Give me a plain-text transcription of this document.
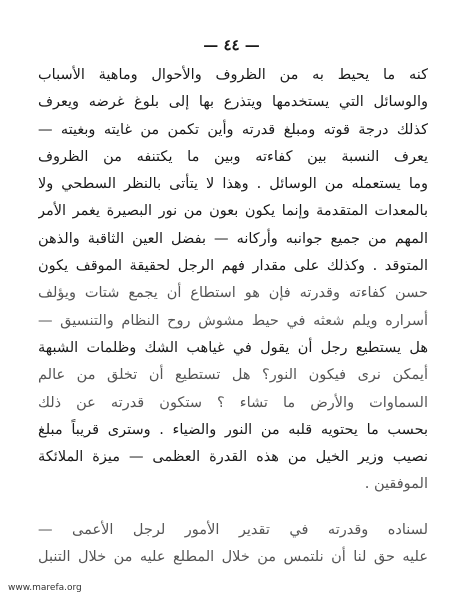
— ٤٤ —
كنه ما يحيط به من الظروف والأحوال وماهية الأسباب
والوسائل التي يستخدمها ويتذرع بها إلى بلوغ غرضه ويعرف
كذلك درجة قوته ومبلغ قدرته وأين تكمن من غايته وبغيته —
يعرف النسبة بين كفاءته وبين ما يكتنفه من الظروف
وما يستعمله من الوسائل . وهذا لا يتأتى بالنظر السطحي ولا
بالمعدات المتقدمة وإنما يكون بعون من نور البصيرة يغمر الأمر
المهم من جميع جوانبه وأركانه — بفضل العين الثاقبة والذهن
المتوقد . وكذلك على مقدار فهم الرجل لحقيقة الموقف يكون
حسن كفاءته وقدرته فإن هو استطاع أن يجمع شتات ويؤلف
أسراره ويلم شعثه في حيط مشوش روح النظام والتنسيق —
هل يستطيع رجل أن يقول في غياهب الشك وظلمات الشبهة
أيمكن نرى فيكون النور؟ هل تستطيع أن تخلق من عالم
السماوات والأرض ما تشاء ؟ ستكون قدرته عن ذلك
بحسب ما يحتويه قلبه من النور والضياء . وسترى قريباً مبلغ
نصيب وزير الخيل من هذه القدرة العظمى — ميزة الملائكة
الموفقين .
لسناده وقدرته في تقدير الأمور لرجل الأعمى —
عليه حق لنا أن نلتمس من خلال المطلع عليه من خلال التنبل
www.marefa.org
